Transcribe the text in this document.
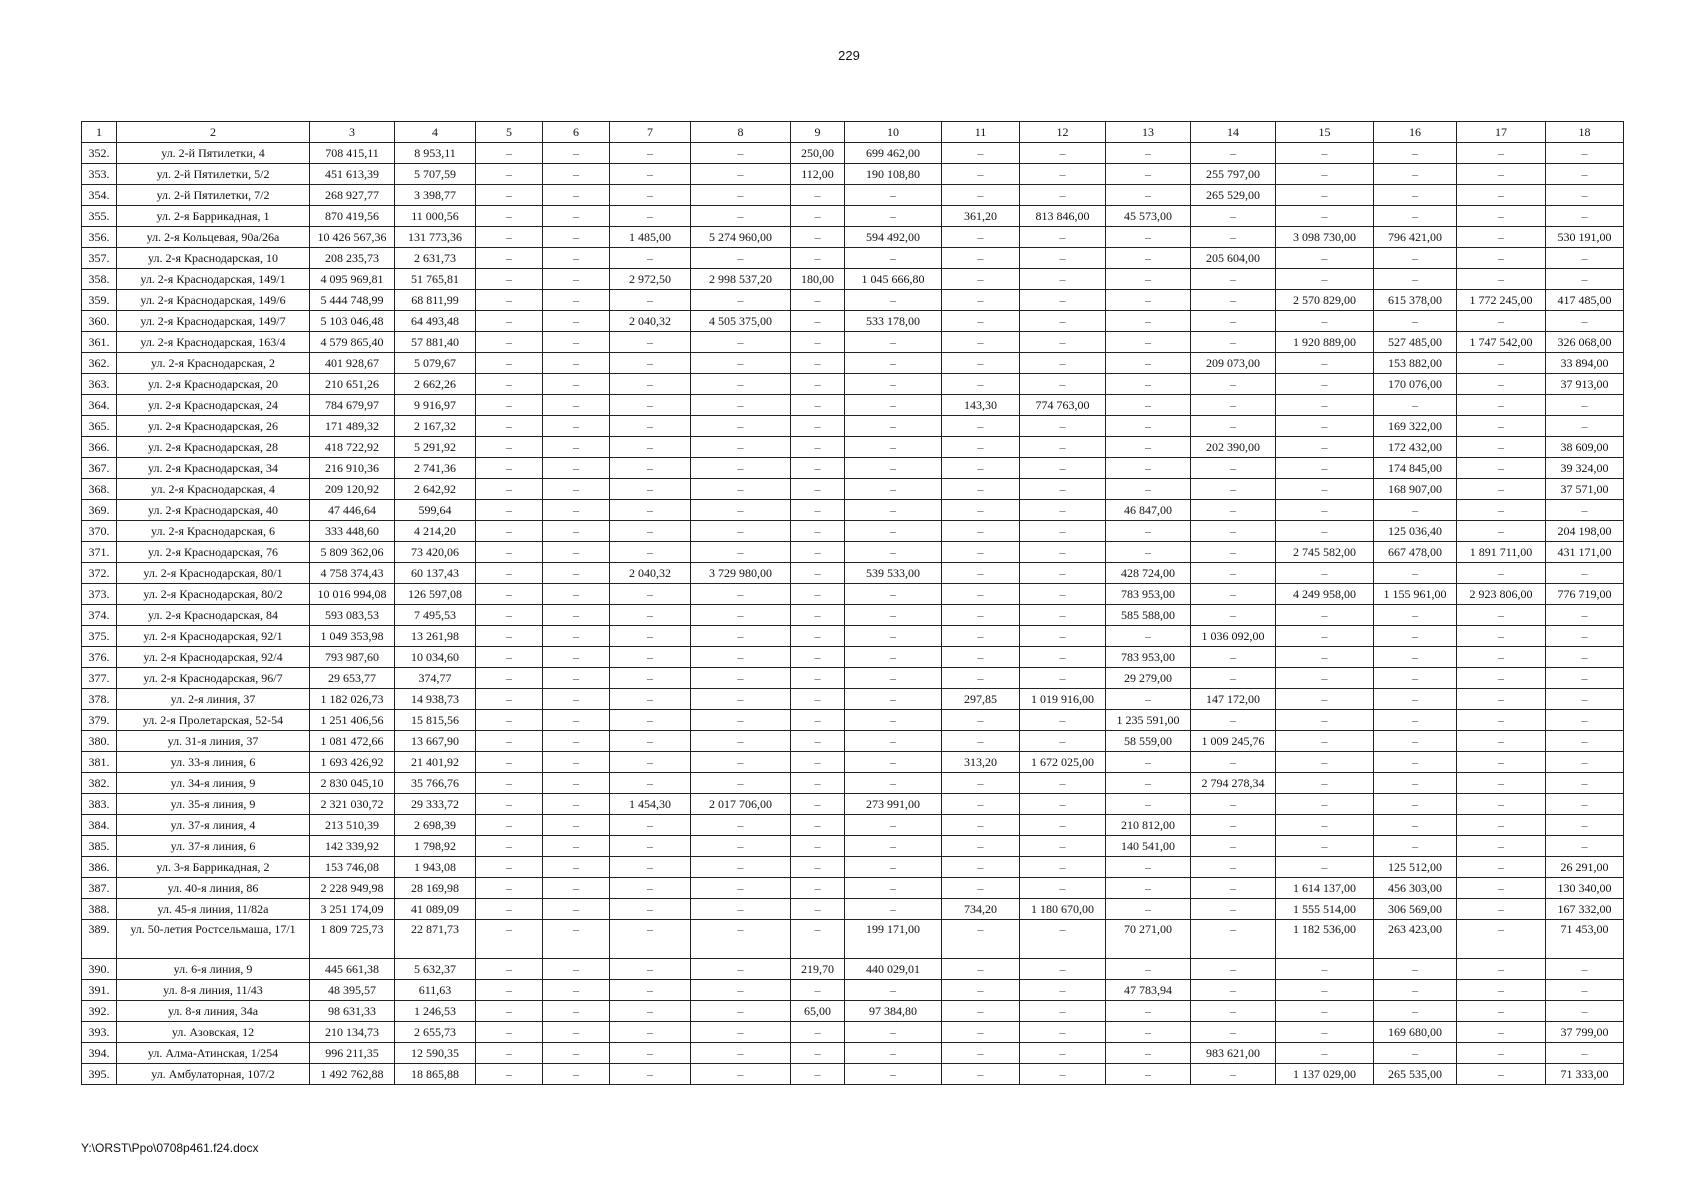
229
1	2	3	4	5	6	7	8	9	10	11	12	13	14	15	16	17	18
352.	ул. 2-й Пятилетки, 4	708 415,11	8 953,11	–	–	–	–	250,00	699 462,00	–	–	–	–	–	–	–	–
353.	ул. 2-й Пятилетки, 5/2	451 613,39	5 707,59	–	–	–	–	112,00	190 108,80	–	–	–	255 797,00	–	–	–	–
354.	ул. 2-й Пятилетки, 7/2	268 927,77	3 398,77	–	–	–	–	–	–	–	–	–	265 529,00	–	–	–	–
355.	ул. 2-я Баррикадная, 1	870 419,56	11 000,56	–	–	–	–	–	–	361,20	813 846,00	45 573,00	–	–	–	–	–
356.	ул. 2-я Кольцевая, 90а/26а	10 426 567,36	131 773,36	–	–	1 485,00	5 274 960,00	–	594 492,00	–	–	–	–	3 098 730,00	796 421,00	–	530 191,00
357.	ул. 2-я Краснодарская, 10	208 235,73	2 631,73	–	–	–	–	–	–	–	–	–	205 604,00	–	–	–	–
358.	ул. 2-я Краснодарская, 149/1	4 095 969,81	51 765,81	–	–	2 972,50	2 998 537,20	180,00	1 045 666,80	–	–	–	–	–	–	–	–
359.	ул. 2-я Краснодарская, 149/6	5 444 748,99	68 811,99	–	–	–	–	–	–	–	–	–	–	2 570 829,00	615 378,00	1 772 245,00	417 485,00
360.	ул. 2-я Краснодарская, 149/7	5 103 046,48	64 493,48	–	–	2 040,32	4 505 375,00	–	533 178,00	–	–	–	–	–	–	–	–
361.	ул. 2-я Краснодарская, 163/4	4 579 865,40	57 881,40	–	–	–	–	–	–	–	–	–	–	1 920 889,00	527 485,00	1 747 542,00	326 068,00
362.	ул. 2-я Краснодарская, 2	401 928,67	5 079,67	–	–	–	–	–	–	–	–	–	209 073,00	–	153 882,00	–	33 894,00
363.	ул. 2-я Краснодарская, 20	210 651,26	2 662,26	–	–	–	–	–	–	–	–	–	–	–	170 076,00	–	37 913,00
364.	ул. 2-я Краснодарская, 24	784 679,97	9 916,97	–	–	–	–	–	–	143,30	774 763,00	–	–	–	–	–	–
365.	ул. 2-я Краснодарская, 26	171 489,32	2 167,32	–	–	–	–	–	–	–	–	–	–	–	169 322,00	–	–
366.	ул. 2-я Краснодарская, 28	418 722,92	5 291,92	–	–	–	–	–	–	–	–	–	202 390,00	–	172 432,00	–	38 609,00
367.	ул. 2-я Краснодарская, 34	216 910,36	2 741,36	–	–	–	–	–	–	–	–	–	–	–	174 845,00	–	39 324,00
368.	ул. 2-я Краснодарская, 4	209 120,92	2 642,92	–	–	–	–	–	–	–	–	–	–	–	168 907,00	–	37 571,00
369.	ул. 2-я Краснодарская, 40	47 446,64	599,64	–	–	–	–	–	–	–	–	46 847,00	–	–	–	–	–
370.	ул. 2-я Краснодарская, 6	333 448,60	4 214,20	–	–	–	–	–	–	–	–	–	–	–	125 036,40	–	204 198,00
371.	ул. 2-я Краснодарская, 76	5 809 362,06	73 420,06	–	–	–	–	–	–	–	–	–	–	2 745 582,00	667 478,00	1 891 711,00	431 171,00
372.	ул. 2-я Краснодарская, 80/1	4 758 374,43	60 137,43	–	–	2 040,32	3 729 980,00	–	539 533,00	–	–	428 724,00	–	–	–	–	–
373.	ул. 2-я Краснодарская, 80/2	10 016 994,08	126 597,08	–	–	–	–	–	–	–	–	783 953,00	–	4 249 958,00	1 155 961,00	2 923 806,00	776 719,00
374.	ул. 2-я Краснодарская, 84	593 083,53	7 495,53	–	–	–	–	–	–	–	–	585 588,00	–	–	–	–	–
375.	ул. 2-я Краснодарская, 92/1	1 049 353,98	13 261,98	–	–	–	–	–	–	–	–	–	1 036 092,00	–	–	–	–
376.	ул. 2-я Краснодарская, 92/4	793 987,60	10 034,60	–	–	–	–	–	–	–	–	783 953,00	–	–	–	–	–
377.	ул. 2-я Краснодарская, 96/7	29 653,77	374,77	–	–	–	–	–	–	–	–	29 279,00	–	–	–	–	–
378.	ул. 2-я линия, 37	1 182 026,73	14 938,73	–	–	–	–	–	–	297,85	1 019 916,00	–	147 172,00	–	–	–	–
379.	ул. 2-я Пролетарская, 52-54	1 251 406,56	15 815,56	–	–	–	–	–	–	–	–	1 235 591,00	–	–	–	–	–
380.	ул. 31-я линия, 37	1 081 472,66	13 667,90	–	–	–	–	–	–	–	–	58 559,00	1 009 245,76	–	–	–	–
381.	ул. 33-я линия, 6	1 693 426,92	21 401,92	–	–	–	–	–	–	313,20	1 672 025,00	–	–	–	–	–	–
382.	ул. 34-я линия, 9	2 830 045,10	35 766,76	–	–	–	–	–	–	–	–	–	2 794 278,34	–	–	–	–
383.	ул. 35-я линия, 9	2 321 030,72	29 333,72	–	–	1 454,30	2 017 706,00	–	273 991,00	–	–	–	–	–	–	–	–
384.	ул. 37-я линия, 4	213 510,39	2 698,39	–	–	–	–	–	–	–	–	210 812,00	–	–	–	–	–
385.	ул. 37-я линия, 6	142 339,92	1 798,92	–	–	–	–	–	–	–	–	140 541,00	–	–	–	–	–
386.	ул. 3-я Баррикадная, 2	153 746,08	1 943,08	–	–	–	–	–	–	–	–	–	–	–	125 512,00	–	26 291,00
387.	ул. 40-я линия, 86	2 228 949,98	28 169,98	–	–	–	–	–	–	–	–	–	–	1 614 137,00	456 303,00	–	130 340,00
388.	ул. 45-я линия, 11/82а	3 251 174,09	41 089,09	–	–	–	–	–	–	734,20	1 180 670,00	–	–	1 555 514,00	306 569,00	–	167 332,00
389.	ул. 50-летия Ростсельмаша, 17/1	1 809 725,73	22 871,73	–	–	–	–	–	199 171,00	–	–	70 271,00	–	1 182 536,00	263 423,00	–	71 453,00
390.	ул. 6-я линия, 9	445 661,38	5 632,37	–	–	–	–	219,70	440 029,01	–	–	–	–	–	–	–	–
391.	ул. 8-я линия, 11/43	48 395,57	611,63	–	–	–	–	–	–	–	–	47 783,94	–	–	–	–	–
392.	ул. 8-я линия, 34а	98 631,33	1 246,53	–	–	–	–	65,00	97 384,80	–	–	–	–	–	–	–	–
393.	ул. Азовская, 12	210 134,73	2 655,73	–	–	–	–	–	–	–	–	–	–	–	169 680,00	–	37 799,00
394.	ул. Алма-Атинская, 1/254	996 211,35	12 590,35	–	–	–	–	–	–	–	–	–	983 621,00	–	–	–	–
395.	ул. Амбулаторная, 107/2	1 492 762,88	18 865,88	–	–	–	–	–	–	–	–	–	–	1 137 029,00	265 535,00	–	71 333,00
Y:\ORST\Ppo\0708p461.f24.docx
